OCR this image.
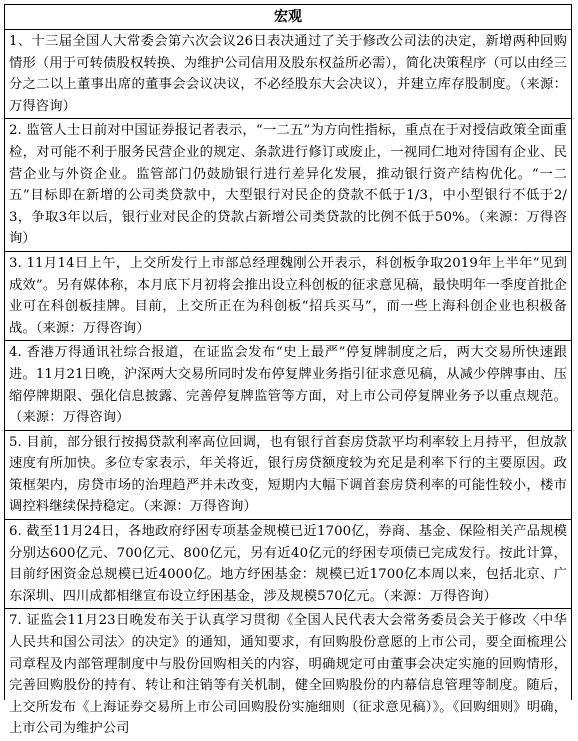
宏观
1、十三届全国人大常委会第六次会议26日表决通过了关于修改公司法的决定，新增两种回购情形（用于可转债股权转换、为维护公司信用及股东权益所必需），简化决策程序（可以由经三分之二以上董事出席的董事会会议决议，不必经股东大会决议），并建立库存股制度。（来源：万得咨询）
2. 监管人士日前对中国证券报记者表示，“一二五”为方向性指标，重点在于对授信政策全面重检，对可能不利于服务民营企业的规定、条款进行修订或废止，一视同仁地对待国有企业、民营企业与外资企业。监管部门仍鼓励银行进行差异化发展，推动银行资产结构优化。“一二五”目标即在新增的公司类贷款中，大型银行对民企的贷款不低于1/3，中小型银行不低于2/3，争取3年以后，银行业对民企的贷款占新增公司类贷款的比例不低于50%。（来源：万得咨询）
3. 11月14日上午，上交所发行上市部总经理魏刚公开表示，科创板争取2019年上半年“见到成效”。另有媒体称，本月底下月初将会推出设立科创板的征求意见稿，最快明年一季度首批企业可在科创板挂牌。目前，上交所正在为科创板“招兵买马”，而一些上海科创企业也积极备战。（来源：万得咨询）
4. 香港万得通讯社综合报道，在证监会发布“史上最严”停复牌制度之后，两大交易所快速跟进。11月21日晚，沪深两大交易所同时发布停复牌业务指引征求意见稿，从减少停牌事由、压缩停牌期限、强化信息披露、完善停复牌监管等方面，对上市公司停复牌业务予以重点规范。（来源：万得咨询）
5. 目前，部分银行按揭贷款利率高位回调，也有银行首套房贷款平均利率较上月持平，但放款速度有所加快。多位专家表示，年关将近，银行房贷额度较为充足是利率下行的主要原因。政策框架内，房贷市场的治理趋严并未改变，短期内大幅下调首套房贷利率的可能性较小，楼市调控料继续保持稳定。（来源：万得咨询）
6. 截至11月24日，各地政府纾困专项基金规模已近1700亿，券商、基金、保险相关产品规模分别达600亿元、700亿元、800亿元，另有近40亿元的纾困专项债已完成发行。按此计算，目前纾困资金总规模已近4000亿。地方纾困基金：规模已近1700亿本周以来，包括北京、广东深圳、四川成都相继宣布设立纾困基金，涉及规模570亿元。（来源：万得咨询）
7. 证监会11月23日晚发布关于认真学习贯彻《全国人民代表大会常务委员会关于修改〈中华人民共和国公司法〉的决定》的通知，通知要求，有回购股份意愿的上市公司，要全面梳理公司章程及内部管理制度中与股份回购相关的内容，明确规定可由董事会决定实施的回购情形，完善回购股份的持有、转让和注销等有关机制，健全回购股份的内幕信息管理等制度。随后，上交所发布《上海证券交易所上市公司回购股份实施细则（征求意见稿）》。《回购细则》明确，上市公司为维护公司
